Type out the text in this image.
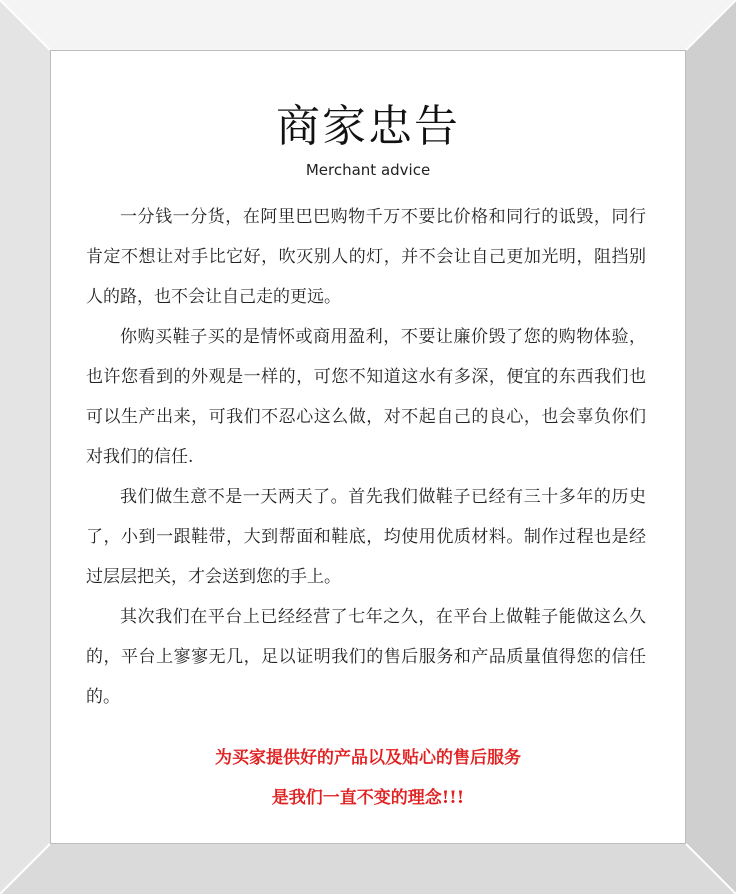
商家忠告
Merchant advice

一分钱一分货，在阿里巴巴购物千万不要比价格和同行的诋毁，同行肯定不想让对手比它好，吹灭别人的灯，并不会让自己更加光明，阻挡别人的路，也不会让自己走的更远。

你购买鞋子买的是情怀或商用盈利，不要让廉价毁了您的购物体验，也许您看到的外观是一样的，可您不知道这水有多深，便宜的东西我们也可以生产出来，可我们不忍心这么做，对不起自己的良心，也会辜负你们对我们的信任.

我们做生意不是一天两天了。首先我们做鞋子已经有三十多年的历史了，小到一跟鞋带，大到帮面和鞋底，均使用优质材料。制作过程也是经过层层把关，才会送到您的手上。

其次我们在平台上已经经营了七年之久，在平台上做鞋子能做这么久的，平台上寥寥无几，足以证明我们的售后服务和产品质量值得您的信任的。

为买家提供好的产品以及贴心的售后服务
是我们一直不变的理念!!!
